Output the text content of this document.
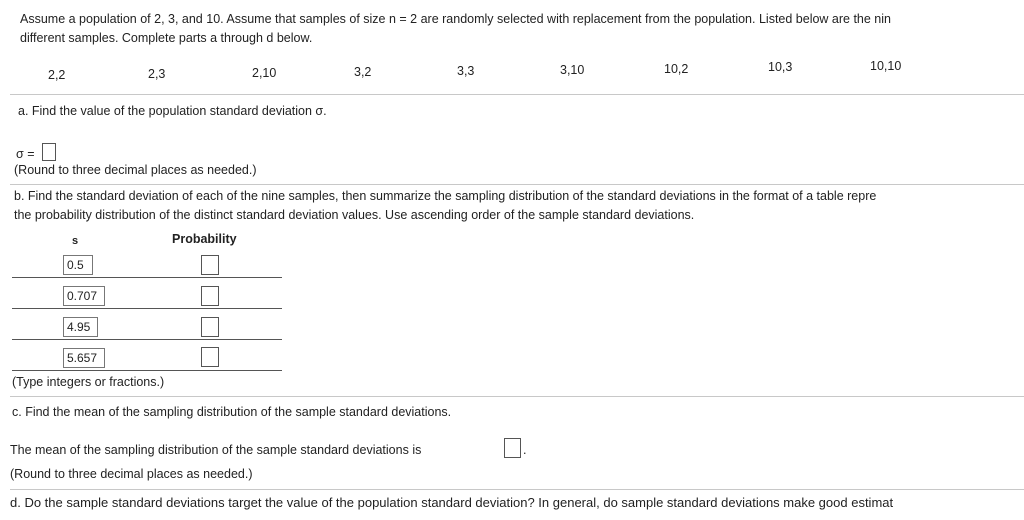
Assume a population of 2, 3, and 10. Assume that samples of size n = 2 are randomly selected with replacement from the population. Listed below are the nin
different samples. Complete parts a through d below.
2,2	2,3	2,10	3,2	3,3	3,10	10,2	10,3	10,10
a. Find the value of the population standard deviation σ.
σ =
(Round to three decimal places as needed.)
b. Find the standard deviation of each of the nine samples, then summarize the sampling distribution of the standard deviations in the format of a table repre
the probability distribution of the distinct standard deviation values. Use ascending order of the sample standard deviations.
s	Probability
0.5
0.707
4.95
5.657
(Type integers or fractions.)
c. Find the mean of the sampling distribution of the sample standard deviations.
The mean of the sampling distribution of the sample standard deviations is	.
(Round to three decimal places as needed.)
d. Do the sample standard deviations target the value of the population standard deviation? In general, do sample standard deviations make good estimat
